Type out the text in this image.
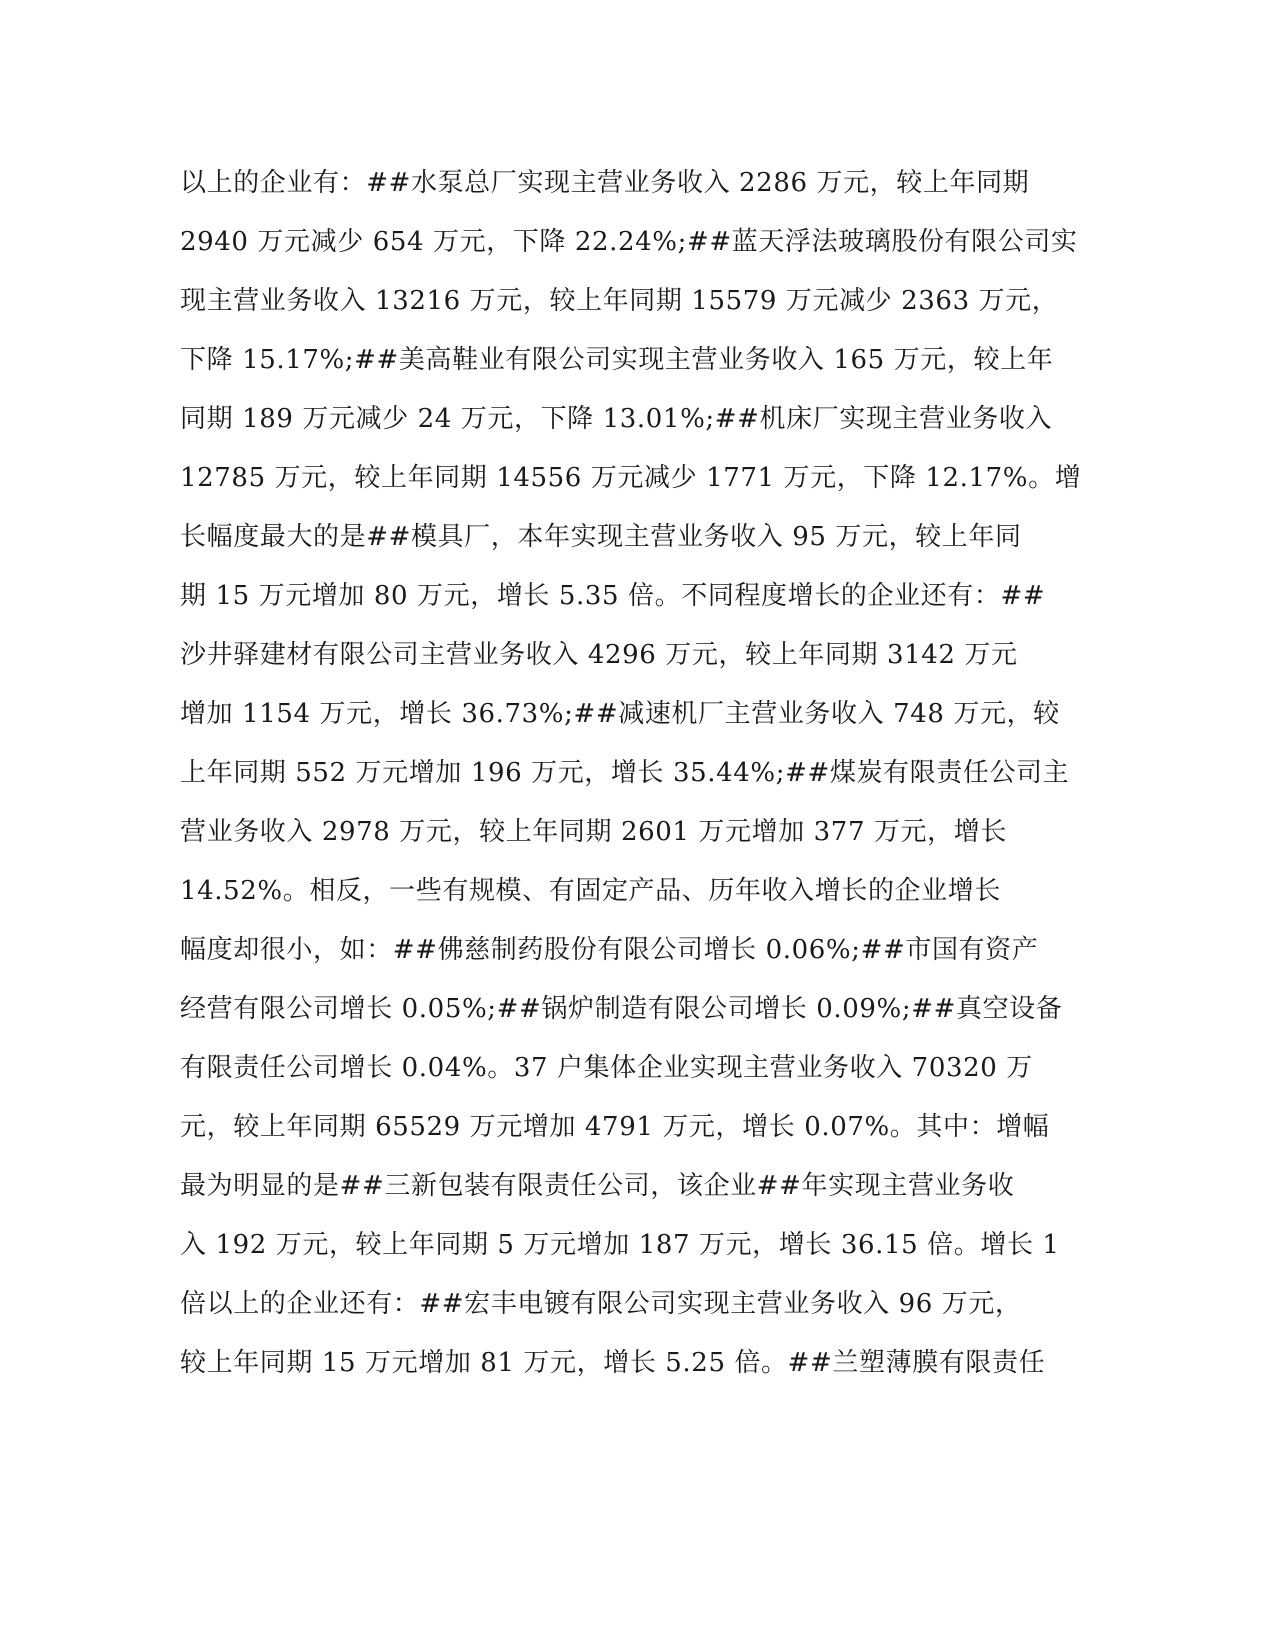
以上的企业有：##水泵总厂实现主营业务收入 2286 万元，较上年同期
2940 万元减少 654 万元，下降 22.24%;##蓝天浮法玻璃股份有限公司实
现主营业务收入 13216 万元，较上年同期 15579 万元减少 2363 万元，
下降 15.17%;##美高鞋业有限公司实现主营业务收入 165 万元，较上年
同期 189 万元减少 24 万元，下降 13.01%;##机床厂实现主营业务收入
12785 万元，较上年同期 14556 万元减少 1771 万元，下降 12.17%。增
长幅度最大的是##模具厂，本年实现主营业务收入 95 万元，较上年同
期 15 万元增加 80 万元，增长 5.35 倍。不同程度增长的企业还有：##
沙井驿建材有限公司主营业务收入 4296 万元，较上年同期 3142 万元
增加 1154 万元，增长 36.73%;##减速机厂主营业务收入 748 万元，较
上年同期 552 万元增加 196 万元，增长 35.44%;##煤炭有限责任公司主
营业务收入 2978 万元，较上年同期 2601 万元增加 377 万元，增长
14.52%。相反，一些有规模、有固定产品、历年收入增长的企业增长
幅度却很小，如：##佛慈制药股份有限公司增长 0.06%;##市国有资产
经营有限公司增长 0.05%;##锅炉制造有限公司增长 0.09%;##真空设备
有限责任公司增长 0.04%。37 户集体企业实现主营业务收入 70320 万
元，较上年同期 65529 万元增加 4791 万元，增长 0.07%。其中：增幅
最为明显的是##三新包装有限责任公司，该企业##年实现主营业务收
入 192 万元，较上年同期 5 万元增加 187 万元，增长 36.15 倍。增长 1
倍以上的企业还有：##宏丰电镀有限公司实现主营业务收入 96 万元，
较上年同期 15 万元增加 81 万元，增长 5.25 倍。##兰塑薄膜有限责任
